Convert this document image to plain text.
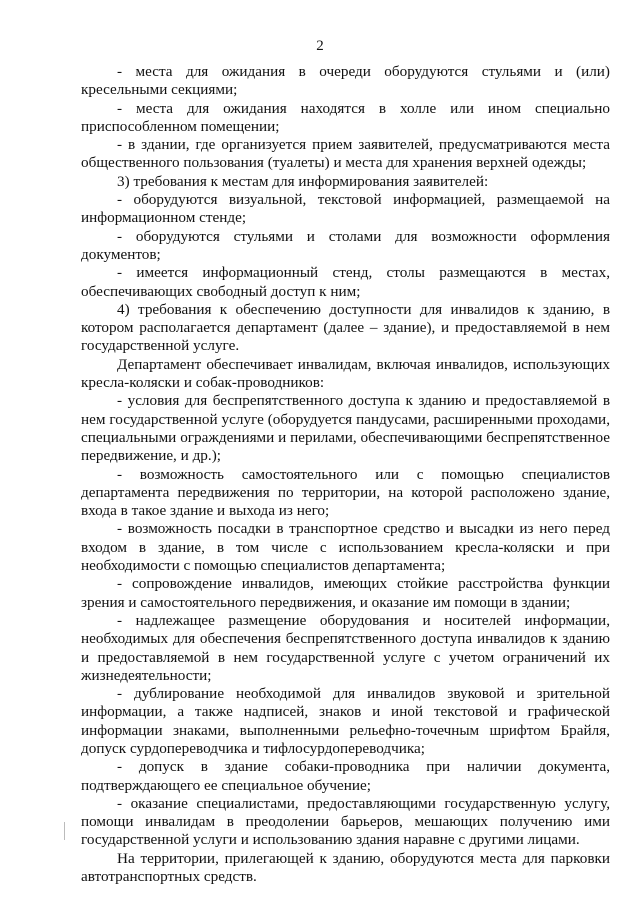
2

- места для ожидания в очереди оборудуются стульями и (или) кресельными секциями;

- места для ожидания находятся в холле или ином специально приспособленном помещении;

- в здании, где организуется прием заявителей, предусматриваются места общественного пользования (туалеты) и места для хранения верхней одежды;

3) требования к местам для информирования заявителей:

- оборудуются визуальной, текстовой информацией, размещаемой на информационном стенде;

- оборудуются стульями и столами для возможности оформления документов;

- имеется информационный стенд, столы размещаются в местах, обеспечивающих свободный доступ к ним;

4) требования к обеспечению доступности для инвалидов к зданию, в котором располагается департамент (далее – здание), и предоставляемой в нем государственной услуге.

Департамент обеспечивает инвалидам, включая инвалидов, использующих кресла-коляски и собак-проводников:

- условия для беспрепятственного доступа к зданию и предоставляемой в нем государственной услуге (оборудуется пандусами, расширенными проходами, специальными ограждениями и перилами, обеспечивающими беспрепятственное передвижение, и др.);

- возможность самостоятельного или с помощью специалистов департамента передвижения по территории, на которой расположено здание, входа в такое здание и выхода из него;

- возможность посадки в транспортное средство и высадки из него перед входом в здание, в том числе с использованием кресла-коляски и при необходимости с помощью специалистов департамента;

- сопровождение инвалидов, имеющих стойкие расстройства функции зрения и самостоятельного передвижения, и оказание им помощи в здании;

- надлежащее размещение оборудования и носителей информации, необходимых для обеспечения беспрепятственного доступа инвалидов к зданию и предоставляемой в нем государственной услуге с учетом ограничений их жизнедеятельности;

- дублирование необходимой для инвалидов звуковой и зрительной информации, а также надписей, знаков и иной текстовой и графической информации знаками, выполненными рельефно-точечным шрифтом Брайля, допуск сурдопереводчика и тифлосурдопереводчика;

- допуск в здание собаки-проводника при наличии документа, подтверждающего ее специальное обучение;

- оказание специалистами, предоставляющими государственную услугу, помощи инвалидам в преодолении барьеров, мешающих получению ими государственной услуги и использованию здания наравне с другими лицами.

На территории, прилегающей к зданию, оборудуются места для парковки автотранспортных средств.
